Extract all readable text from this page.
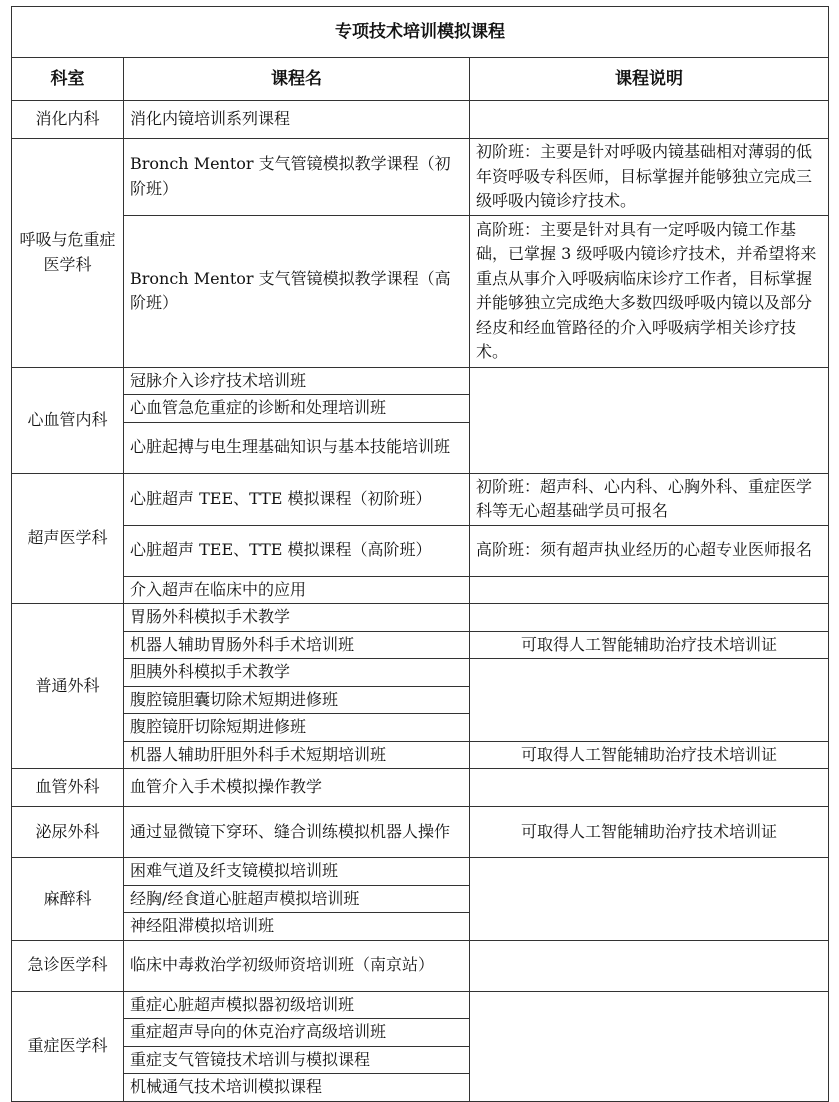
专项技术培训模拟课程		
科室	课程名	课程说明
消化内科	消化内镜培训系列课程	
呼吸与危重症医学科	Bronch Mentor 支气管镜模拟教学课程（初阶班）	初阶班：主要是针对呼吸内镜基础相对薄弱的低年资呼吸专科医师，目标掌握并能够独立完成三级呼吸内镜诊疗技术。
	Bronch Mentor 支气管镜模拟教学课程（高阶班）	高阶班：主要是针对具有一定呼吸内镜工作基础，已掌握 3 级呼吸内镜诊疗技术，并希望将来重点从事介入呼吸病临床诊疗工作者，目标掌握并能够独立完成绝大多数四级呼吸内镜以及部分经皮和经血管路径的介入呼吸病学相关诊疗技术。
心血管内科	冠脉介入诊疗技术培训班	
	心血管急危重症的诊断和处理培训班	
	心脏起搏与电生理基础知识与基本技能培训班	
超声医学科	心脏超声 TEE、TTE 模拟课程（初阶班）	初阶班：超声科、心内科、心胸外科、重症医学科等无心超基础学员可报名
	心脏超声 TEE、TTE 模拟课程（高阶班）	高阶班：须有超声执业经历的心超专业医师报名
	介入超声在临床中的应用	
普通外科	胃肠外科模拟手术教学	
	机器人辅助胃肠外科手术培训班	可取得人工智能辅助治疗技术培训证
	胆胰外科模拟手术教学	
	腹腔镜胆囊切除术短期进修班	
	腹腔镜肝切除短期进修班	
	机器人辅助肝胆外科手术短期培训班	可取得人工智能辅助治疗技术培训证
血管外科	血管介入手术模拟操作教学	
泌尿外科	通过显微镜下穿环、缝合训练模拟机器人操作	可取得人工智能辅助治疗技术培训证
麻醉科	困难气道及纤支镜模拟培训班	
	经胸/经食道心脏超声模拟培训班	
	神经阻滞模拟培训班	
急诊医学科	临床中毒救治学初级师资培训班（南京站）	
重症医学科	重症心脏超声模拟器初级培训班	
	重症超声导向的休克治疗高级培训班	
	重症支气管镜技术培训与模拟课程	
	机械通气技术培训模拟课程	
